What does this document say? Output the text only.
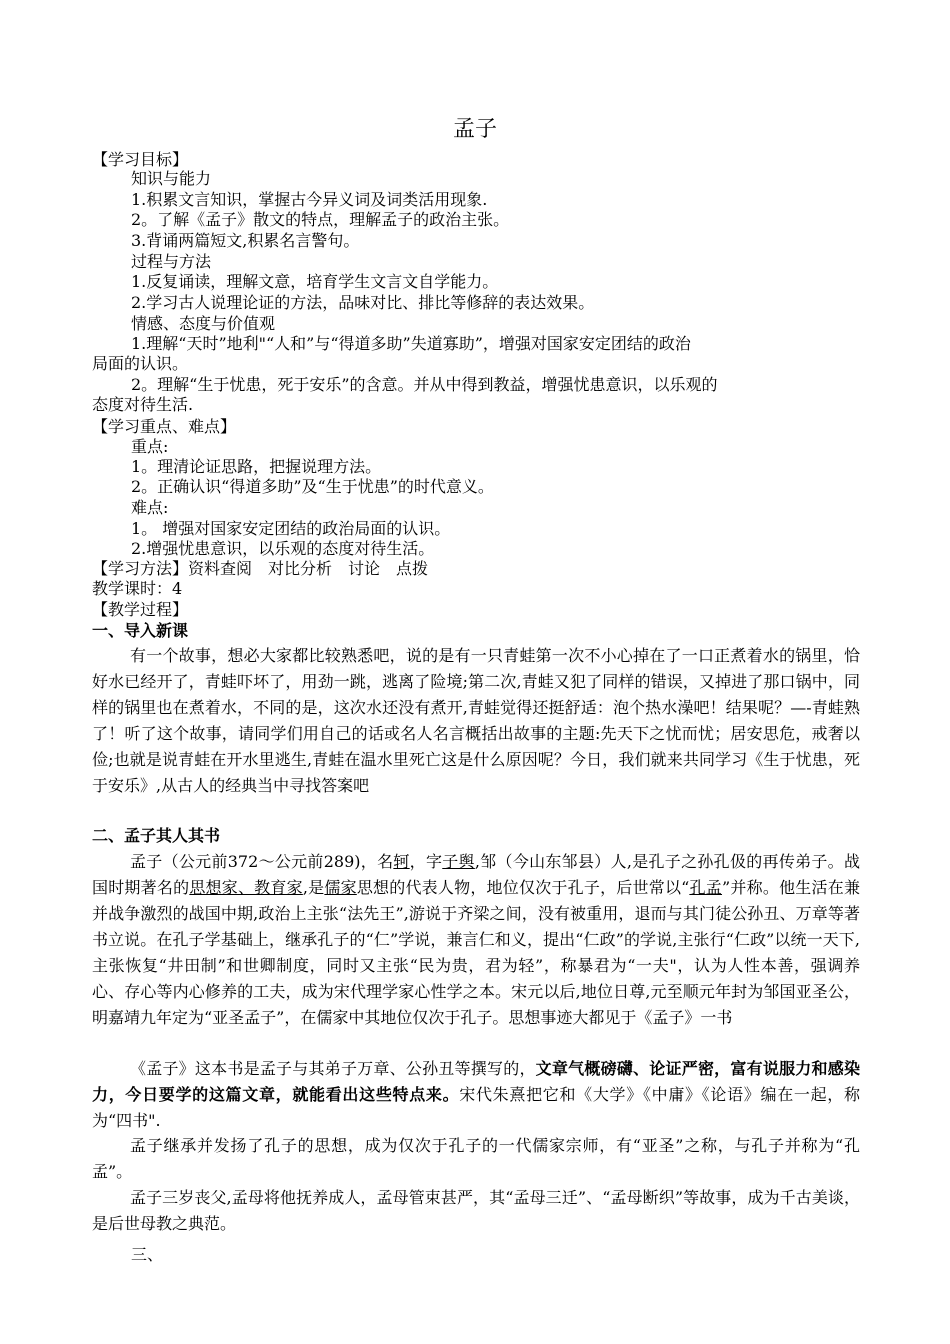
孟子
【学习目标】
知识与能力
1.积累文言知识，掌握古今异义词及词类活用现象.
2。了解《孟子》散文的特点，理解孟子的政治主张。
3.背诵两篇短文,积累名言警句。
过程与方法
1.反复诵读，理解文意，培育学生文言文自学能力。
2.学习古人说理论证的方法，品味对比、排比等修辞的表达效果。
情感、态度与价值观
1.理解“天时”地利"“人和”与“得道多助”失道寡助”，增强对国家安定团结的政治
局面的认识。
2。理解“生于忧患，死于安乐”的含意。并从中得到教益，增强忧患意识，以乐观的
态度对待生活.
【学习重点、难点】
重点:
1。理清论证思路，把握说理方法。
2。正确认识“得道多助”及“生于忧患”的时代意义。
难点:
1。 增强对国家安定团结的政治局面的认识。
2.增强忧患意识，以乐观的态度对待生活。
【学习方法】资料查阅　对比分析　讨论　点拨
教学课时：4
【教学过程】
一、导入新课

有一个故事，想必大家都比较熟悉吧，说的是有一只青蛙第一次不小心掉在了一口正煮着水的锅里，恰好水已经开了，青蛙吓坏了，用劲一跳，逃离了险境;第二次,青蛙又犯了同样的错误，又掉进了那口锅中，同样的锅里也在煮着水，不同的是，这次水还没有煮开,青蛙觉得还挺舒适：泡个热水澡吧！结果呢？—-青蛙熟了！听了这个故事，请同学们用自己的话或名人名言概括出故事的主题:先天下之忧而忧；居安思危，戒奢以俭;也就是说青蛙在开水里逃生,青蛙在温水里死亡这是什么原因呢？今日，我们就来共同学习《生于忧患，死于安乐》,从古人的经典当中寻找答案吧

二、孟子其人其书

孟子（公元前372～公元前289)，名轲，字子舆,邹（今山东邹县）人,是孔子之孙孔伋的再传弟子。战国时期著名的思想家、教育家,是儒家思想的代表人物，地位仅次于孔子，后世常以“孔孟”并称。他生活在兼并战争激烈的战国中期,政治上主张“法先王”,游说于齐梁之间，没有被重用，退而与其门徒公孙丑、万章等著书立说。在孔子学基础上，继承孔子的“仁”学说，兼言仁和义，提出“仁政”的学说,主张行“仁政”以统一天下,主张恢复“井田制”和世卿制度，同时又主张“民为贵，君为轻”，称暴君为“一夫"，认为人性本善，强调养心、存心等内心修养的工夫，成为宋代理学家心性学之本。宋元以后,地位日尊,元至顺元年封为邹国亚圣公，明嘉靖九年定为“亚圣孟子”，在儒家中其地位仅次于孔子。思想事迹大都见于《孟子》一书

《孟子》这本书是孟子与其弟子万章、公孙丑等撰写的，文章气概磅礴、论证严密，富有说服力和感染力，今日要学的这篇文章，就能看出这些特点来。宋代朱熹把它和《大学》《中庸》《论语》编在一起，称为“四书".

孟子继承并发扬了孔子的思想，成为仅次于孔子的一代儒家宗师，有“亚圣”之称，与孔子并称为“孔孟”。

孟子三岁丧父,孟母将他抚养成人，孟母管束甚严，其“孟母三迁”、“孟母断织”等故事，成为千古美谈，是后世母教之典范。

三、
